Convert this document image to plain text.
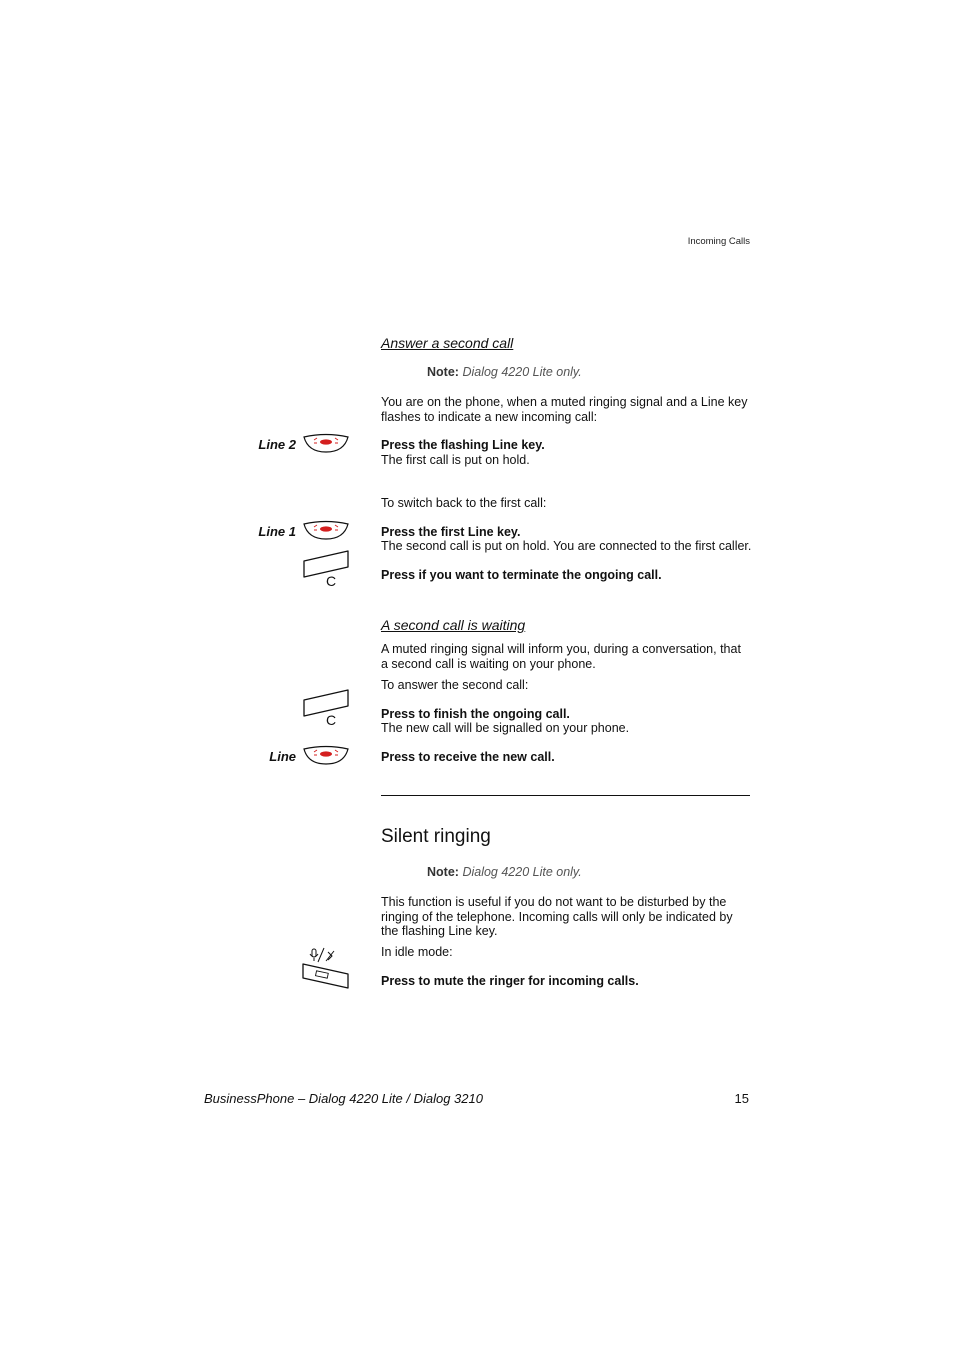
Incoming Calls
Answer a second call
Note: Dialog 4220 Lite only.
You are on the phone, when a muted ringing signal and a Line key flashes to indicate a new incoming call:
Line 2	Press the flashing Line key.
The first call is put on hold.
To switch back to the first call:
Line 1	Press the first Line key.
The second call is put on hold. You are connected to the first caller.
C	Press if you want to terminate the ongoing call.
A second call is waiting
A muted ringing signal will inform you, during a conversation, that a second call is waiting on your phone.
To answer the second call:
C	Press to finish the ongoing call.
The new call will be signalled on your phone.
Line	Press to receive the new call.
Silent ringing
Note: Dialog 4220 Lite only.
This function is useful if you do not want to be disturbed by the ringing of the telephone. Incoming calls will only be indicated by the flashing Line key.
In idle mode:
Press to mute the ringer for incoming calls.
BusinessPhone – Dialog 4220 Lite / Dialog 3210	15
